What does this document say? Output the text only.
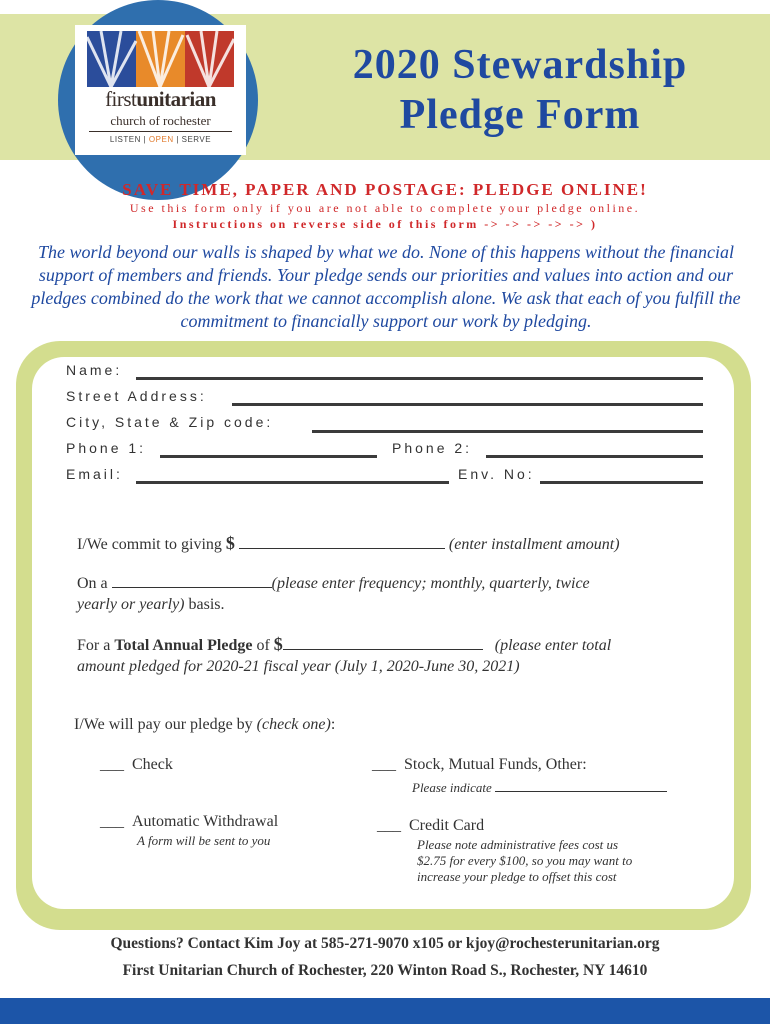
firstunitarian
church of rochester
LISTEN | OPEN | SERVE
2020 Stewardship
Pledge Form
SAVE TIME, PAPER AND POSTAGE: PLEDGE ONLINE!
Use this form only if you are not able to complete your pledge online.
Instructions on reverse side of this form -> -> -> -> -> )
The world beyond our walls is shaped by what we do. None of this happens without the financial support of members and friends. Your pledge sends our priorities and values into action and our pledges combined do the work that we cannot accomplish alone. We ask that each of you fulfill the commitment to financially support our work by pledging.
Name:
Street Address:
City, State & Zip code:
Phone 1:	Phone 2:
Email:	Env. No:
I/We commit to giving $	(enter installment amount)
On a	(please enter frequency; monthly, quarterly, twice
yearly or yearly) basis.
For a Total Annual Pledge of $	(please enter total
amount pledged for 2020-21 fiscal year (July 1, 2020-June 30, 2021)
I/We will pay our pledge by (check one):
___ Check	___ Stock, Mutual Funds, Other:
Please indicate
___ Automatic Withdrawal
A form will be sent to you
___ Credit Card
Please note administrative fees cost us
$2.75 for every $100, so you may want to
increase your pledge to offset this cost
Questions? Contact Kim Joy at 585-271-9070 x105 or kjoy@rochesterunitarian.org
First Unitarian Church of Rochester, 220 Winton Road S., Rochester, NY 14610
